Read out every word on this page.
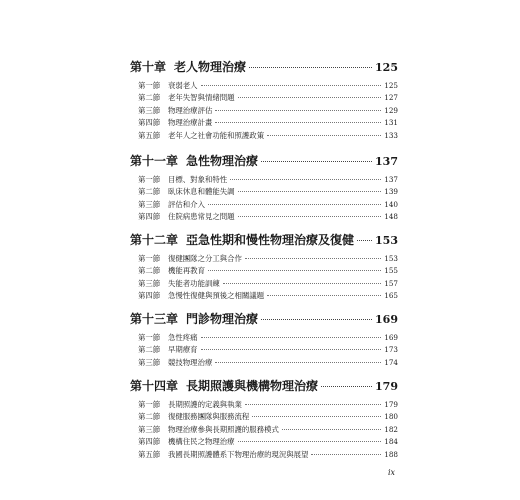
第十章 老人物理治療	125
第一節	衰弱老人	125
第二節	老年失智與情緒問題	127
第三節	物理治療評估	129
第四節	物理治療計畫	131
第五節	老年人之社會功能和照護政策	133
第十一章 急性物理治療	137
第一節	目標、對象和特性	137
第二節	臥床休息和體能失調	139
第三節	評估和介入	140
第四節	住院病患常見之問題	148
第十二章 亞急性期和慢性物理治療及復健 153
第一節	復健團隊之分工與合作	153
第二節	機能再教育	155
第三節	失能者功能訓練	157
第四節	急慢性復健與預後之相關議題	165
第十三章 門診物理治療	169
第一節	急性疼痛	169
第二節	早期療育	173
第三節	競技物理治療	174
第十四章 長期照護與機構物理治療	179
第一節	長期照護的定義與執業	179
第二節	復健服務團隊與服務流程	180
第三節	物理治療參與長期照護的服務模式	182
第四節	機構住民之物理治療	184
第五節	我國長期照護體系下物理治療的現況與展望	188
ix
